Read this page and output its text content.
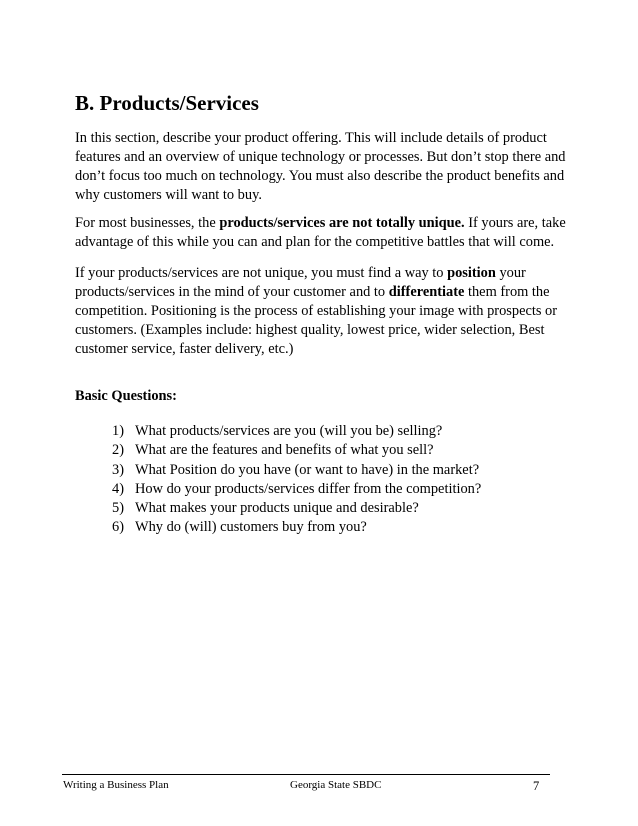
B. Products/Services

In this section, describe your product offering. This will include details of product features and an overview of unique technology or processes. But don’t stop there and don’t focus too much on technology. You must also describe the product benefits and why customers will want to buy.

For most businesses, the products/services are not totally unique. If yours are, take advantage of this while you can and plan for the competitive battles that will come.

If your products/services are not unique, you must find a way to position your products/services in the mind of your customer and to differentiate them from the competition. Positioning is the process of establishing your image with prospects or customers. (Examples include: highest quality, lowest price, wider selection, Best customer service, faster delivery, etc.)

Basic Questions:

1) What products/services are you (will you be) selling?
2) What are the features and benefits of what you sell?
3) What Position do you have (or want to have) in the market?
4) How do your products/services differ from the competition?
5) What makes your products unique and desirable?
6) Why do (will) customers buy from you?
Writing a Business Plan	Georgia State SBDC	7
